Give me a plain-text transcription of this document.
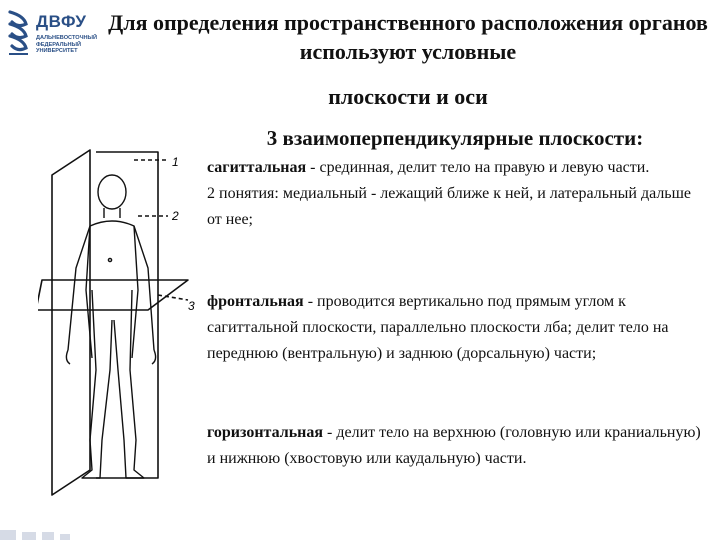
ДВФУ
ДАЛЬНЕВОСТОЧНЫЙ
ФЕДЕРАЛЬНЫЙ
УНИВЕРСИТЕТ
Для определения пространственного расположения органов используют условные
плоскости и оси
3 взаимоперпендикулярные плоскости:
1
2
3
сагиттальная - срединная, делит тело на правую и левую части.
2 понятия: медиальный - лежащий ближе к ней, и латеральный дальше от нее;
фронтальная - проводится вертикально под прямым углом к сагиттальной плоскости, параллельно плоскости лба; делит тело на переднюю (вентральную) и заднюю (дорсальную) части;
горизонтальная - делит тело на верхнюю (головную или краниальную) и нижнюю (хвостовую или каудальную) части.
